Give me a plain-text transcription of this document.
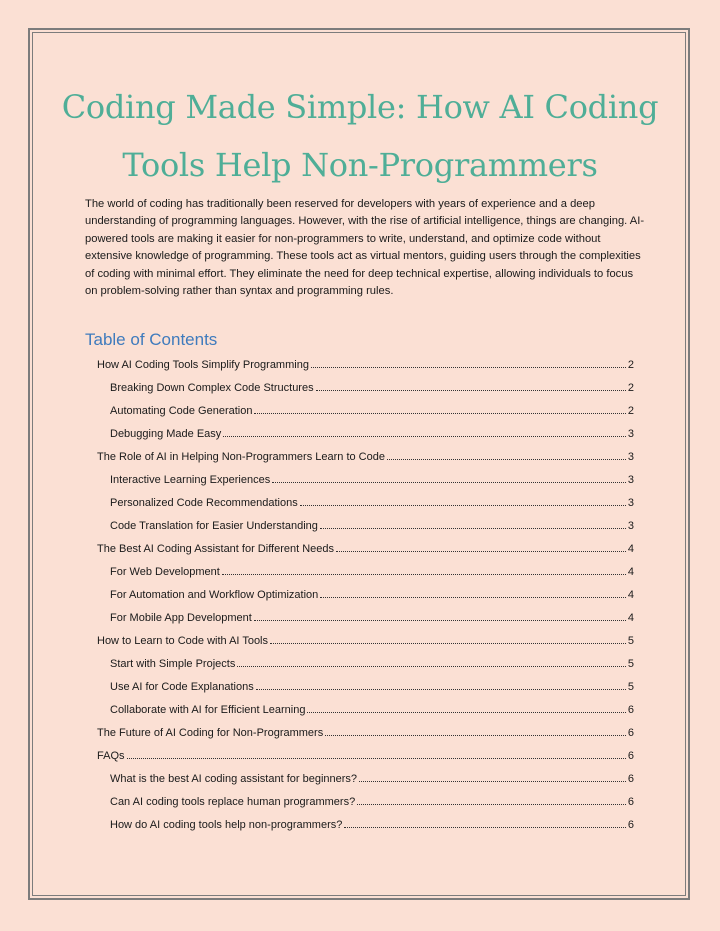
Coding Made Simple: How AI Coding
Tools Help Non-Programmers
The world of coding has traditionally been reserved for developers with years of experience and a deep understanding of programming languages. However, with the rise of artificial intelligence, things are changing. AI-powered tools are making it easier for non-programmers to write, understand, and optimize code without extensive knowledge of programming. These tools act as virtual mentors, guiding users through the complexities of coding with minimal effort. They eliminate the need for deep technical expertise, allowing individuals to focus on problem-solving rather than syntax and programming rules.
Table of Contents
How AI Coding Tools Simplify Programming	2
Breaking Down Complex Code Structures	2
Automating Code Generation	2
Debugging Made Easy	3
The Role of AI in Helping Non-Programmers Learn to Code	3
Interactive Learning Experiences	3
Personalized Code Recommendations	3
Code Translation for Easier Understanding	3
The Best AI Coding Assistant for Different Needs	4
For Web Development	4
For Automation and Workflow Optimization	4
For Mobile App Development	4
How to Learn to Code with AI Tools	5
Start with Simple Projects	5
Use AI for Code Explanations	5
Collaborate with AI for Efficient Learning	6
The Future of AI Coding for Non-Programmers	6
FAQs	6
What is the best AI coding assistant for beginners?	6
Can AI coding tools replace human programmers?	6
How do AI coding tools help non-programmers?	6
